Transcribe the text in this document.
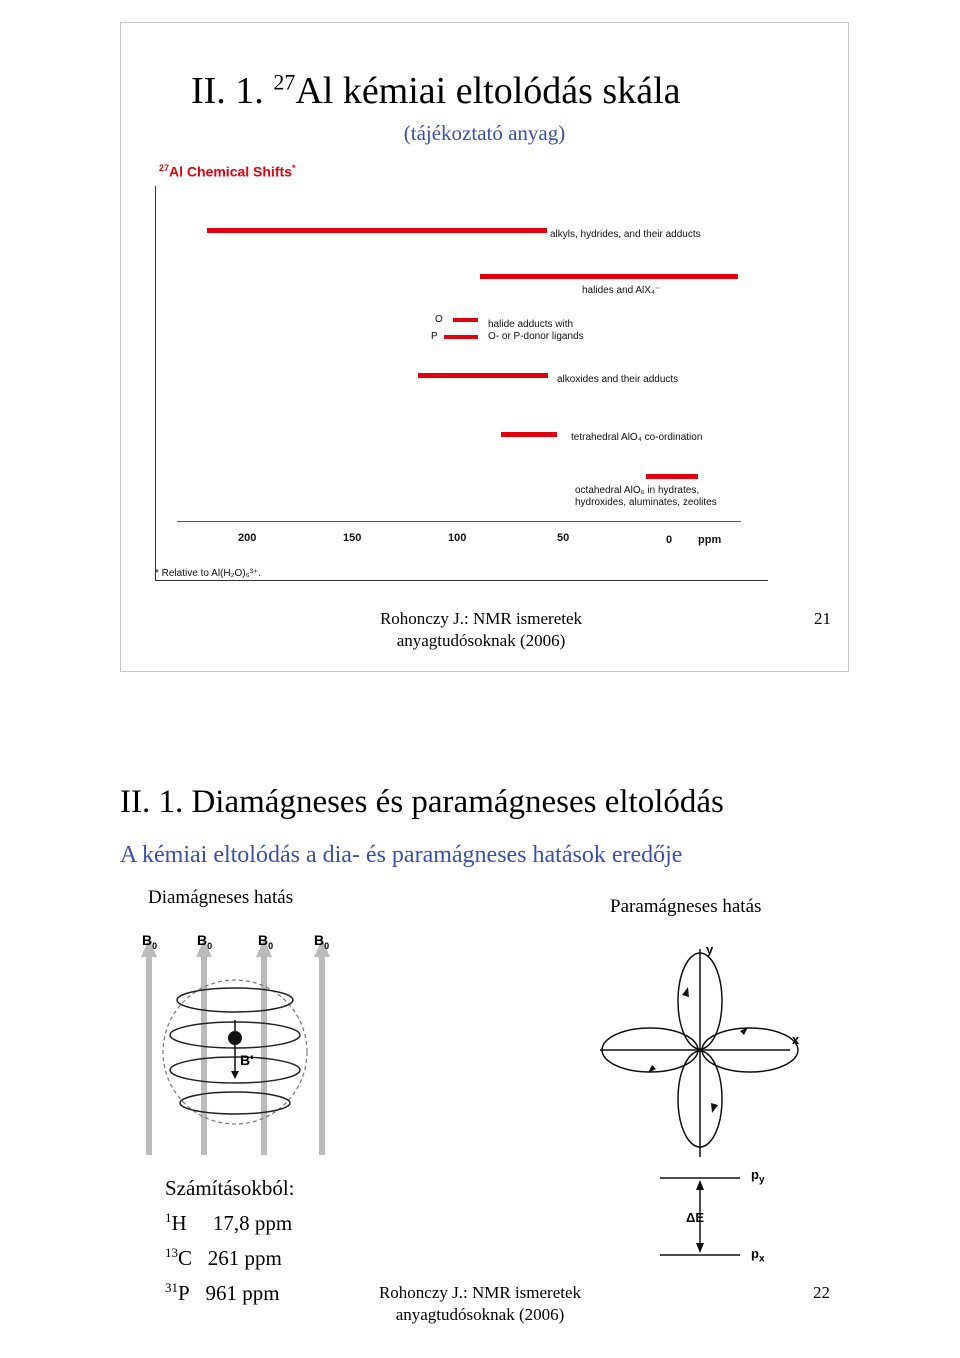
II. 1. $^{27}$Al kémiai eltolódás skála
(tájékoztató anyag)
$^{27}$Al Chemical Shifts*
alkyls, hydrides, and their adducts
halides and AlX₄⁻
O
P
halide adducts with
O- or P-donor ligands
alkoxides and their adducts
tetrahedral AlO₄ co-ordination
octahedral AlO₆ in hydrates,
hydroxides, aluminates, zeolites
200	150	100	50	0 ppm
* Relative to Al(H₂O)₆³⁺.
Rohonczy J.: NMR ismeretek
anyagtudósoknak (2006)
21
II. 1. Diamágneses és paramágneses eltolódás
A kémiai eltolódás a dia- és paramágneses hatások eredője
Diamágneses hatás	Paramágneses hatás
B'
$B_0$	$B_0$	$B_0$	$B_0$	y
x
ΔE
$p_y$
$p_x$
Számításokból:
$^1$H 17,8 ppm
$^{13}$C 261 ppm
$^{31}$P 961 ppm	Rohonczy J.: NMR ismeretek
anyagtudósoknak (2006)
22
